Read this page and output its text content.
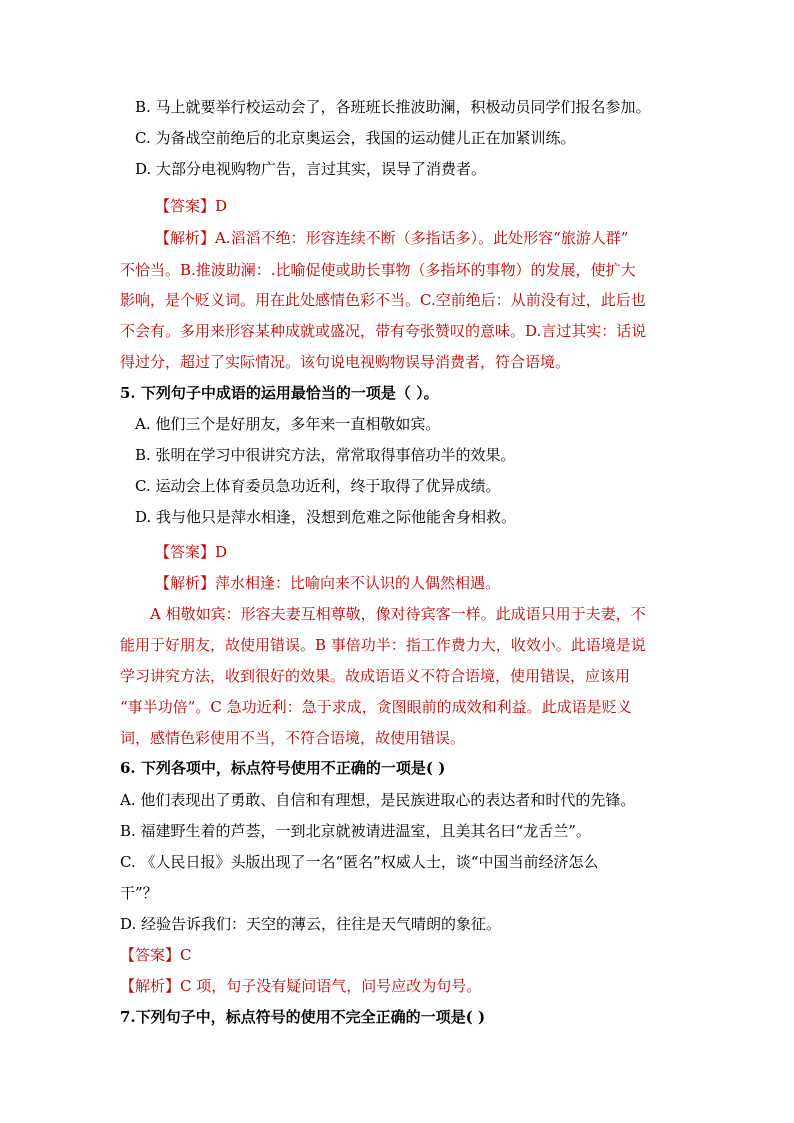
B. 马上就要举行校运动会了，各班班长推波助澜，积极动员同学们报名参加。
C. 为备战空前绝后的北京奥运会，我国的运动健儿正在加紧训练。
D. 大部分电视购物广告，言过其实，误导了消费者。
【答案】D
【解析】A.滔滔不绝：形容连续不断（多指话多）。此处形容“旅游人群”
不恰当。B.推波助澜：.比喻促使或助长事物（多指坏的事物）的发展，使扩大
影响，是个贬义词。用在此处感情色彩不当。C.空前绝后：从前没有过，此后也
不会有。多用来形容某种成就或盛况，带有夸张赞叹的意味。D.言过其实：话说
得过分，超过了实际情况。该句说电视购物误导消费者，符合语境。
5. 下列句子中成语的运用最恰当的一项是（ ）。
A. 他们三个是好朋友，多年来一直相敬如宾。
B. 张明在学习中很讲究方法，常常取得事倍功半的效果。
C. 运动会上体育委员急功近利，终于取得了优异成绩。
D. 我与他只是萍水相逢，没想到危难之际他能舍身相救。
【答案】D
【解析】萍水相逢：比喻向来不认识的人偶然相遇。
A 相敬如宾：形容夫妻互相尊敬，像对待宾客一样。此成语只用于夫妻，不
能用于好朋友，故使用错误。B 事倍功半：指工作费力大，收效小。此语境是说
学习讲究方法，收到很好的效果。故成语语义不符合语境，使用错误，应该用
“事半功倍”。C 急功近利：急于求成，贪图眼前的成效和利益。此成语是贬义
词，感情色彩使用不当，不符合语境，故使用错误。
6. 下列各项中，标点符号使用不正确的一项是( )
A. 他们表现出了勇敢、自信和有理想，是民族进取心的表达者和时代的先锋。
B. 福建野生着的芦荟，一到北京就被请进温室，且美其名曰“龙舌兰”。
C. 《人民日报》头版出现了一名“匿名”权威人士，谈“中国当前经济怎么
干”？
D. 经验告诉我们：天空的薄云，往往是天气晴朗的象征。
【答案】C
【解析】C 项，句子没有疑问语气，问号应改为句号。
7.下列句子中，标点符号的使用不完全正确的一项是( )
